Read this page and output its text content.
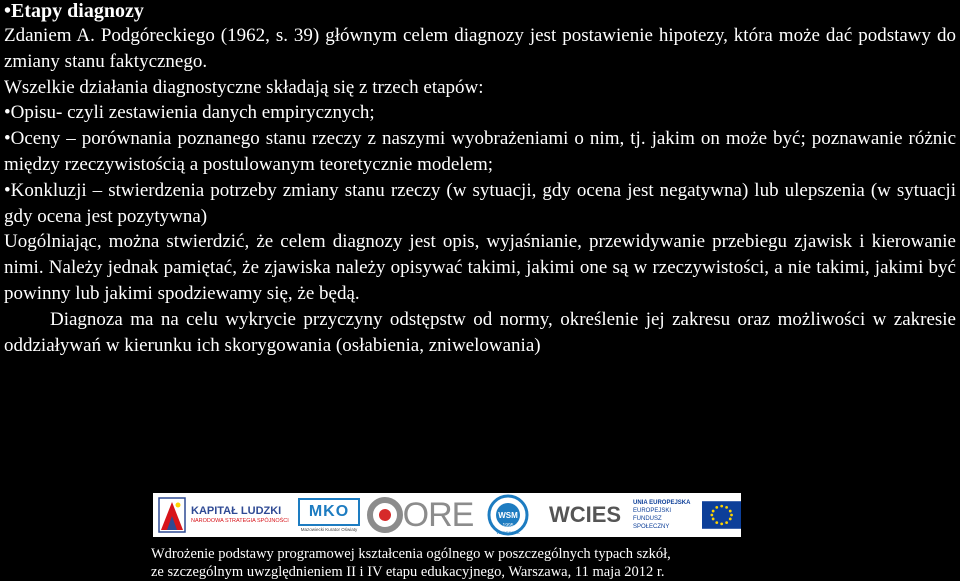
• Etapy diagnozy

Zdaniem A. Podgóreckiego (1962, s. 39) głównym celem diagnozy jest postawienie hipotezy, która może dać podstawy do zmiany stanu faktycznego.

Wszelkie działania diagnostyczne składają się z trzech etapów:

• Opisu- czyli zestawienia danych empirycznych;

• Oceny – porównania poznanego stanu rzeczy z naszymi wyobrażeniami o nim, tj. jakim on może być; poznawanie różnic między rzeczywistością a postulowanym teoretycznie modelem;

• Konkluzji – stwierdzenia potrzeby zmiany stanu rzeczy (w sytuacji, gdy ocena jest negatywna) lub ulepszenia (w sytuacji gdy ocena jest pozytywna)

Uogólniając, można stwierdzić, że celem diagnozy jest opis, wyjaśnianie, przewidywanie przebiegu zjawisk i kierowanie nimi. Należy jednak pamiętać, że zjawiska należy opisywać takimi, jakimi one są w rzeczywistości, a nie takimi, jakimi być powinny lub jakimi spodziewamy się, że będą.

Diagnoza ma na celu wykrycie przyczyny odstępstw od normy, określenie jej zakresu oraz możliwości w zakresie oddziaływań w kierunku ich skorygowania (osłabienia, zniwelowania)

KAPITAŁ LUDZKI
NARODOWA STRATEGIA SPÓJNOŚCI
MKO
Mazowiecki Kurator Oświaty ORE	WSM
1995
WARSZAWA
WCIES UNIA EUROPEJSKA
EUROPEJSKI
FUNDUSZ SPOŁECZNY
Wdrożenie podstawy programowej kształcenia ogólnego w poszczególnych typach szkół,
ze szczególnym uwzględnieniem II i IV etapu edukacyjnego, Warszawa, 11 maja 2012 r.
